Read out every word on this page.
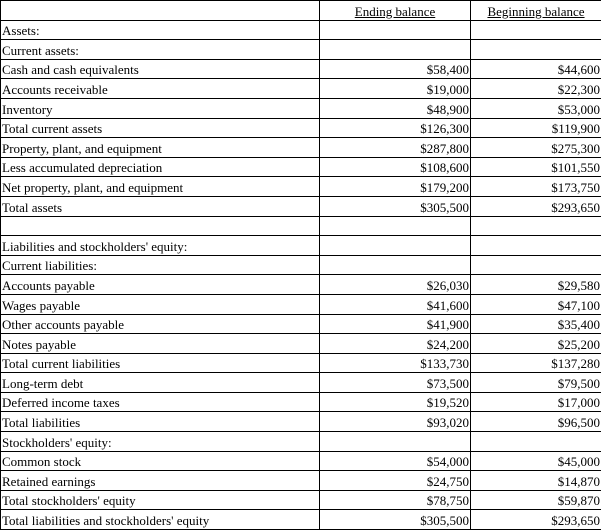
	Ending balance	Beginning balance
Assets:		
Current assets:		
Cash and cash equivalents	$58,400	$44,600
Accounts receivable	$19,000	$22,300
Inventory	$48,900	$53,000
Total current assets	$126,300	$119,900
Property, plant, and equipment	$287,800	$275,300
Less accumulated depreciation	$108,600	$101,550
Net property, plant, and equipment	$179,200	$173,750
Total assets	$305,500	$293,650

Liabilities and stockholders' equity:		
Current liabilities:		
Accounts payable	$26,030	$29,580
Wages payable	$41,600	$47,100
Other accounts payable	$41,900	$35,400
Notes payable	$24,200	$25,200
Total current liabilities	$133,730	$137,280
Long-term debt	$73,500	$79,500
Deferred income taxes	$19,520	$17,000
Total liabilities	$93,020	$96,500
Stockholders' equity:		
Common stock	$54,000	$45,000
Retained earnings	$24,750	$14,870
Total stockholders' equity	$78,750	$59,870
Total liabilities and stockholders' equity	$305,500	$293,650
